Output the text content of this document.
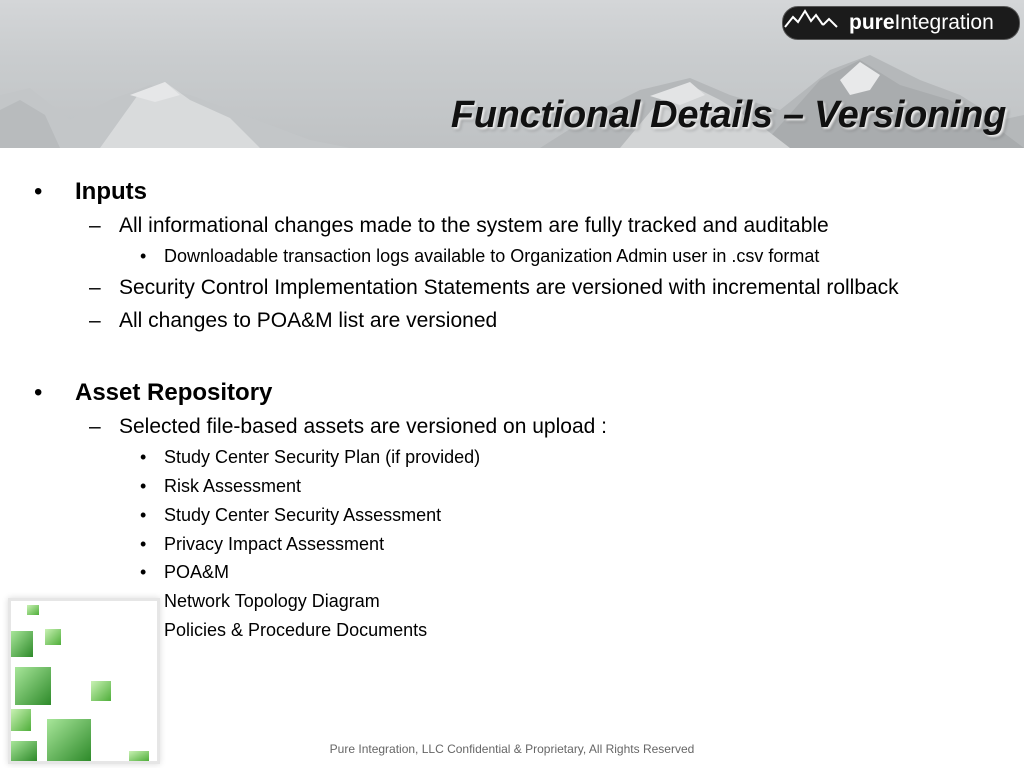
Functional Details – Versioning
pureIntegration
• Inputs
– All informational changes made to the system are fully tracked and auditable
• Downloadable transaction logs available to Organization Admin user in .csv format
– Security Control Implementation Statements are versioned with incremental rollback
– All changes to POA&M list are versioned
• Asset Repository
– Selected file-based assets are versioned on upload :
• Study Center Security Plan (if provided)
• Risk Assessment
• Study Center Security Assessment
• Privacy Impact Assessment
• POA&M
Network Topology Diagram
Policies & Procedure Documents
Pure Integration, LLC Confidential & Proprietary, All Rights Reserved
